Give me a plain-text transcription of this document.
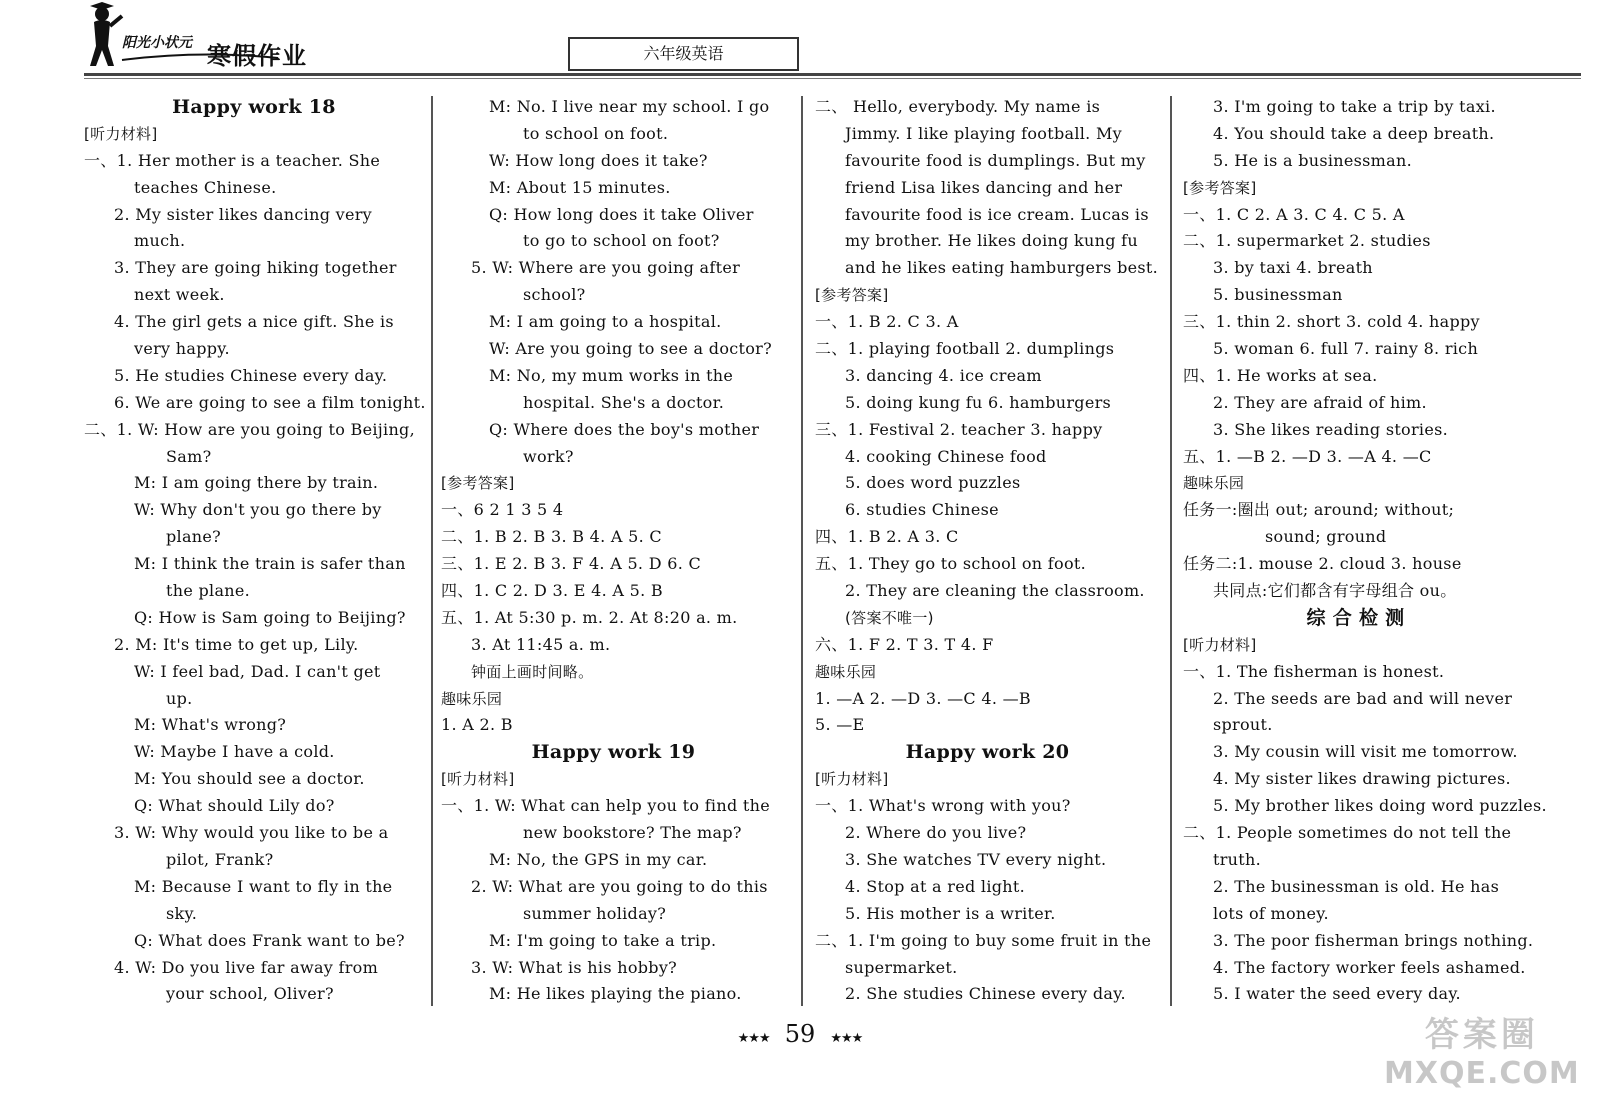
阳光小状元 寒假作业	六年级英语
Happy work 18
[听力材料]
一、1. Her mother is a teacher. She
teaches Chinese.
2. My sister likes dancing very
much.
3. They are going hiking together
next week.
4. The girl gets a nice gift. She is
very happy.
5. He studies Chinese every day.
6. We are going to see a film tonight.
二、1. W: How are you going to Beijing,
Sam?
M: I am going there by train.
W: Why don't you go there by
plane?
M: I think the train is safer than
the plane.
Q: How is Sam going to Beijing?
2. M: It's time to get up, Lily.
W: I feel bad, Dad. I can't get
up.
M: What's wrong?
W: Maybe I have a cold.
M: You should see a doctor.
Q: What should Lily do?
3. W: Why would you like to be a
pilot, Frank?
M: Because I want to fly in the
sky.
Q: What does Frank want to be?
4. W: Do you live far away from
your school, Oliver?
M: No. I live near my school. I go
to school on foot.
W: How long does it take?
M: About 15 minutes.
Q: How long does it take Oliver
to go to school on foot?
5. W: Where are you going after
school?
M: I am going to a hospital.
W: Are you going to see a doctor?
M: No, my mum works in the
hospital. She's a doctor.
Q: Where does the boy's mother
work?
[参考答案]
一、6 2 1 3 5 4
二、1. B 2. B 3. B 4. A 5. C
三、1. E 2. B 3. F 4. A 5. D 6. C
四、1. C 2. D 3. E 4. A 5. B
五、1. At 5:30 p. m. 2. At 8:20 a. m.
3. At 11:45 a. m.
钟面上画时间略。
趣味乐园
1. A 2. B
Happy work 19
[听力材料]
一、1. W: What can help you to find the
new bookstore? The map?
M: No, the GPS in my car.
2. W: What are you going to do this
summer holiday?
M: I'm going to take a trip.
3. W: What is his hobby?
M: He likes playing the piano.
二、 Hello, everybody. My name is
Jimmy. I like playing football. My
favourite food is dumplings. But my
friend Lisa likes dancing and her
favourite food is ice cream. Lucas is
my brother. He likes doing kung fu
and he likes eating hamburgers best.
[参考答案]
一、1. B 2. C 3. A
二、1. playing football 2. dumplings
3. dancing 4. ice cream
5. doing kung fu 6. hamburgers
三、1. Festival 2. teacher 3. happy
4. cooking Chinese food
5. does word puzzles
6. studies Chinese
四、1. B 2. A 3. C
五、1. They go to school on foot.
2. They are cleaning the classroom.
(答案不唯一)
六、1. F 2. T 3. T 4. F
趣味乐园
1. —A 2. —D 3. —C 4. —B
5. —E
Happy work 20
[听力材料]
一、1. What's wrong with you?
2. Where do you live?
3. She watches TV every night.
4. Stop at a red light.
5. His mother is a writer.
二、1. I'm going to buy some fruit in the
supermarket.
2. She studies Chinese every day.
3. I'm going to take a trip by taxi.
4. You should take a deep breath.
5. He is a businessman.
[参考答案]
一、1. C 2. A 3. C 4. C 5. A
二、1. supermarket 2. studies
3. by taxi 4. breath
5. businessman
三、1. thin 2. short 3. cold 4. happy
5. woman 6. full 7. rainy 8. rich
四、1. He works at sea.
2. They are afraid of him.
3. She likes reading stories.
五、1. —B 2. —D 3. —A 4. —C
趣味乐园
任务一:圈出 out; around; without;
sound; ground
任务二:1. mouse 2. cloud 3. house
共同点:它们都含有字母组合 ou。
综 合 检 测
[听力材料]
一、1. The fisherman is honest.
2. The seeds are bad and will never
sprout.
3. My cousin will visit me tomorrow.
4. My sister likes drawing pictures.
5. My brother likes doing word puzzles.
二、1. People sometimes do not tell the
truth.
2. The businessman is old. He has
lots of money.
3. The poor fisherman brings nothing.
4. The factory worker feels ashamed.
5. I water the seed every day.
★★★ 59 ★★★	答案圈
MXQE.COM
